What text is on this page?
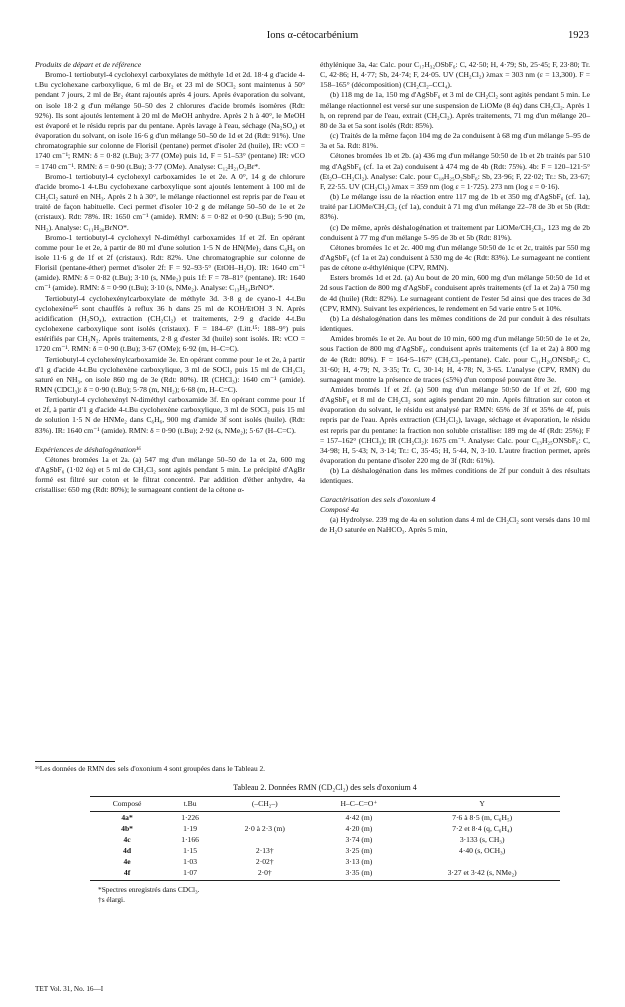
Ions α-cétocarbénium	1923
Produits de départ et de référence

Bromo-1 tertiobutyl-4 cyclohexyl carboxylates de méthyle 1d et 2d. 18·4 g d'acide 4-t.Bu cyclohexane carboxylique, 6 ml de Br₂ et 23 ml de SOCl₂ sont maintenus à 50° pendant 7 jours, 2 ml de Br₂ étant rajoutés après 4 jours. Après évaporation du solvant, on isole 18·2 g d'un mélange 50–50 des 2 chlorures d'acide bromés isomères (Rdt: 92%). Ils sont ajoutés lentement à 20 ml de MeOH anhydre. Après 2 h à 40°, le MeOH est évaporé et le résidu repris par du pentane. Après lavage à l'eau, séchage (Na₂SO₄) et évaporation du solvant, on isole 16·6 g d'un mélange 50–50 de 1d et 2d (Rdt: 91%). Une chromatographie sur colonne de Florisil (pentane) permet d'isoler 2d (huile), IR: νCO = 1740 cm⁻¹; RMN: δ = 0·82 (t.Bu); 3·77 (OMe) puis 1d, F = 51–53° (pentane) IR: νCO = 1740 cm⁻¹. RMN: δ = 0·90 (t.Bu); 3·77 (OMe). Analyse: C₁₂H₂₁O₂Br*.

Bromo-1 tertiobutyl-4 cyclohexyl carboxamides 1e et 2e. A 0°, 14 g de chlorure d'acide bromo-1 4-t.Bu cyclohexane carboxylique sont ajoutés lentement à 100 ml de CH₂Cl₂ saturé en NH₃. Après 2 h à 30°, le mélange réactionnel est repris par de l'eau et traité de façon habituelle. Ceci permet d'isoler 10·2 g de mélange 50–50 de 1e et 2e (cristaux). Rdt: 78%. IR: 1650 cm⁻¹ (amide). RMN: δ = 0·82 et 0·90 (t.Bu); 5·90 (m, NH₂). Analyse: C₁₁H₂₀BrNO*.

Bromo-1 tertiobutyl-4 cyclohexyl N-diméthyl carboxamides 1f et 2f. En opérant comme pour 1e et 2e, à partir de 80 ml d'une solution 1·5 N de HN(Me)₂ dans C₆H₆ on isole 11·6 g de 1f et 2f (cristaux). Rdt: 82%. Une chromatographie sur colonne de Florisil (pentane-éther) permet d'isoler 2f: F = 92–93·5° (EtOH–H₂O). IR: 1640 cm⁻¹ (amide). RMN: δ = 0·82 (t.Bu); 3·10 (s, NMe₂) puis 1f: F = 78–81° (pentane). IR: 1640 cm⁻¹ (amide). RMN: δ = 0·90 (t.Bu); 3·10 (s, NMe₂). Analyse: C₁₃H₂₄BrNO*.

Tertiobutyl-4 cyclohexénylcarboxylate de méthyle 3d. 3·8 g de cyano-1 4-t.Bu cyclohexène¹⁵ sont chauffés à reflux 36 h dans 25 ml de KOH/EtOH 3 N. Après acidification (H₂SO₄), extraction (CH₂Cl₂) et traitements, 2·9 g d'acide 4-t.Bu cyclohexene carboxylique sont isolés (cristaux). F = 184–6° (Litt.¹⁵: 188–9°) puis estérifiés par CH₂N₂. Après traitements, 2·8 g d'ester 3d (huile) sont isolés. IR: νCO = 1720 cm⁻¹. RMN: δ = 0·90 (t.Bu); 3·67 (OMe); 6·92 (m, H–C=C).

Tertiobutyl-4 cyclohexénylcarboxamide 3e. En opérant comme pour 1e et 2e, à partir d'1 g d'acide 4-t.Bu cyclohexène carboxylique, 3 ml de SOCl₂ puis 15 ml de CH₂Cl₂ saturé en NH₃, on isole 860 mg de 3e (Rdt: 80%). IR (CHCl₃): 1640 cm⁻¹ (amide). RMN (CDCl₃): δ = 0·90 (t.Bu); 5·78 (m, NH₂); 6·68 (m, H–C=C).

Tertiobutyl-4 cyclohexényl N-diméthyl carboxamide 3f. En opérant comme pour 1f et 2f, à partir d'1 g d'acide 4-t.Bu cyclohexène carboxylique, 3 ml de SOCl₂ puis 15 ml de solution 1·5 N de HNMe₂ dans C₆H₆, 900 mg d'amide 3f sont isolés (huile). (Rdt: 83%). IR: 1640 cm⁻¹ (amide). RMN: δ = 0·90 (t.Bu); 2·92 (s, NMe₂); 5·67 (H–C=C).

Expériences de déshalogénation¹⁶

Cétones bromées 1a et 2a. (a) 547 mg d'un mélange 50–50 de 1a et 2a, 600 mg d'AgSbF₆ (1·02 éq) et 5 ml de CH₂Cl₂ sont agités pendant 5 min. Le précipité d'AgBr formé est filtré sur coton et le filtrat concentré. Par addition d'éther anhydre, 4a cristallise: 650 mg (Rdt: 80%); le surnageant contient de la cétone α-

éthylénique 3a, 4a: Calc. pour C₁₇H₃₂OSbF₆: C, 42·50; H, 4·79; Sb, 25·45; F, 23·80; Tr. C, 42·86; H, 4·77; Sb, 24·74; F, 24·05. UV (CH₂Cl₂) λmax = 303 nm (ε = 13,300). F = 158–165° (décomposition) (CH₂Cl₂–CCl₄).

(b) 118 mg de 1a, 150 mg d'AgSbF₆ et 3 ml de CH₂Cl₂ sont agités pendant 5 min. Le mélange réactionnel est versé sur une suspension de LiOMe (8 éq) dans CH₂Cl₂. Après 1 h, on reprend par de l'eau, extrait (CH₂Cl₂). Après traitements, 71 mg d'un mélange 20–80 de 3a et 5a sont isolés (Rdt: 85%).

(c) Traités de la même façon 104 mg de 2a conduisent à 68 mg d'un mélange 5–95 de 3a et 5a. Rdt: 81%.

Cétones bromées 1b et 2b. (a) 436 mg d'un mélange 50:50 de 1b et 2b traités par 510 mg d'AgSbF₆ (cf. 1a et 2a) conduisent à 474 mg de 4b (Rdt: 75%). 4b: F = 120–121·5° (Et₂O–CH₂Cl₂). Analyse: Calc. pour C₁₈H₂₅O₂SbF₆: Sb, 23·96; F, 22·02; Tr.: Sb, 23·67; F, 22·55. UV (CH₂Cl₂) λmax = 359 nm (log ε = 1·725). 273 nm (log ε = 0·16).

(b) Le mélange issu de la réaction entre 117 mg de 1b et 350 mg d'AgSbF₆ (cf. 1a), traité par LiOMe/CH₂Cl₂ (cf 1a), conduit à 71 mg d'un mélange 22–78 de 3b et 5b (Rdt: 83%).

(c) De même, après déshalogénation et traitement par LiOMe/CH₂Cl₂, 123 mg de 2b conduisent à 77 mg d'un mélange 5–95 de 3b et 5b (Rdt: 81%).

Cétones bromées 1c et 2c. 400 mg d'un mélange 50:50 de 1c et 2c, traités par 550 mg d'AgSbF₆ (cf 1a et 2a) conduisent à 530 mg de 4c (Rdt: 83%). Le surnageant ne contient pas de cétone α-éthylénique (CPV, RMN).

Esters bromés 1d et 2d. (a) Au bout de 20 min, 600 mg d'un mélange 50:50 de 1d et 2d sous l'action de 800 mg d'AgSbF₆ conduisent après traitements (cf 1a et 2a) à 750 mg de 4d (huile) (Rdt: 82%). Le surnageant contient de l'ester 5d ainsi que des traces de 3d (CPV, RMN). Suivant les expériences, le rendement en 5d varie entre 5 et 10%.

(b) La déshalogénation dans les mêmes conditions de 2d pur conduit à des résultats identiques.

Amides bromés 1e et 2e. Au bout de 10 min, 600 mg d'un mélange 50:50 de 1e et 2e, sous l'action de 800 mg d'AgSbF₆, conduisent après traitements (cf 1a et 2a) à 800 mg de 4e (Rdt: 80%). F = 164·5–167° (CH₂Cl₂-pentane). Calc. pour C₁₁H₂₀ONSbF₆: C, 31·60; H, 4·79; N, 3·35; Tr. C, 30·14; H, 4·78; N, 3·65. L'analyse (CPV, RMN) du surnageant montre la présence de traces (≤5%) d'un composé pouvant être 3e.

Amides bromés 1f et 2f. (a) 500 mg d'un mélange 50:50 de 1f et 2f, 600 mg d'AgSbF₆ et 8 ml de CH₂Cl₂ sont agités pendant 20 min. Après filtration sur coton et évaporation du solvant, le résidu est analysé par RMN: 65% de 3f et 35% de 4f, puis repris par de l'eau. Après extraction (CH₂Cl₂), lavage, séchage et évaporation, le résidu est repris par du pentane: la fraction non soluble cristallise: 189 mg de 4f (Rdt: 25%); F = 157–162° (CHCl₃); IR (CH₂Cl₂): 1675 cm⁻¹. Analyse: Calc. pour C₁₃H₂₅ONSbF₆: C, 34·98; H, 5·43; N, 3·14; Tr.: C, 35·45; H, 5·44, N, 3·10. L'autre fraction permet, après évaporation du pentane d'isoler 220 mg de 3f (Rdt: 61%).

(b) La déshalogénation dans les mêmes conditions de 2f pur conduit à des résultats identiques.

Caractérisation des sels d'oxonium 4
Composé 4a

(a) Hydrolyse. 239 mg de 4a en solution dans 4 ml de CH₂Cl₂ sont versés dans 10 ml de H₂O saturée en NaHCO₃. Après 5 min,

¹⁶Les données de RMN des sels d'oxonium 4 sont groupées dans le Tableau 2.
Tableau 2. Données RMN (CD₂Cl₂) des sels d'oxonium 4
Composé	t.Bu	(–CH₂–)	H–C–C=O⁺	Y
4a*	1·226		4·42 (m)	7·6 à 8·5 (m, C₆H₅)
4b*	1·19	2·0 à 2·3 (m)	4·20 (m)	7·2 et 8·4 (q, C₆H₄)
4c	1·166		3·74 (m)	3·133 (s, CH₃)
4d	1·15	2·13†	3·25 (m)	4·40 (s, OCH₃)
4e	1·03	2·02†	3·13 (m)	
4f	1·07	2·0†	3·35 (m)	3·27 et 3·42 (s, NMe₂)
*Spectres enregistrés dans CDCl₃.
†s élargi.
TET Vol. 31, No. 16—I
